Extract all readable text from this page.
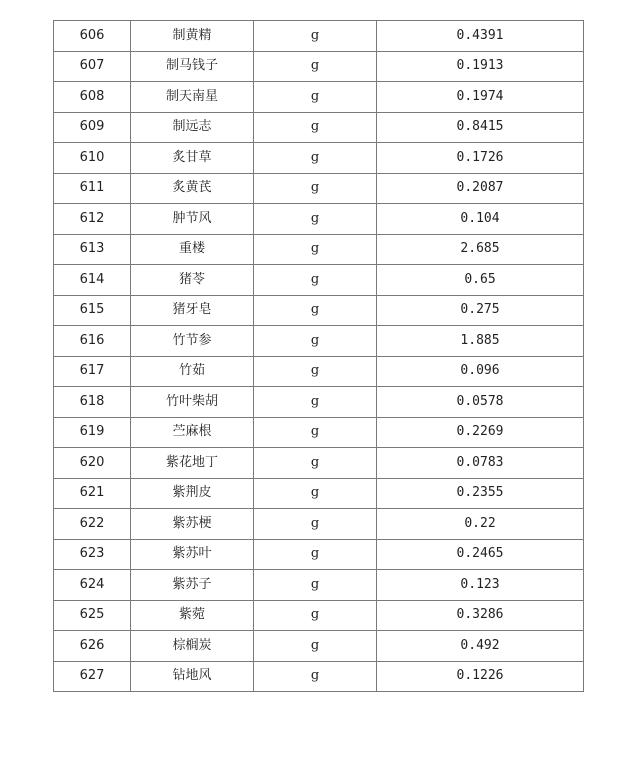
606	制黄精	g	0.4391
607	制马钱子	g	0.1913
608	制天南星	g	0.1974
609	制远志	g	0.8415
610	炙甘草	g	0.1726
611	炙黄芪	g	0.2087
612	肿节风	g	0.104
613	重楼	g	2.685
614	猪苓	g	0.65
615	猪牙皂	g	0.275
616	竹节参	g	1.885
617	竹茹	g	0.096
618	竹叶柴胡	g	0.0578
619	苎麻根	g	0.2269
620	紫花地丁	g	0.0783
621	紫荆皮	g	0.2355
622	紫苏梗	g	0.22
623	紫苏叶	g	0.2465
624	紫苏子	g	0.123
625	紫菀	g	0.3286
626	棕榈炭	g	0.492
627	钻地风	g	0.1226
